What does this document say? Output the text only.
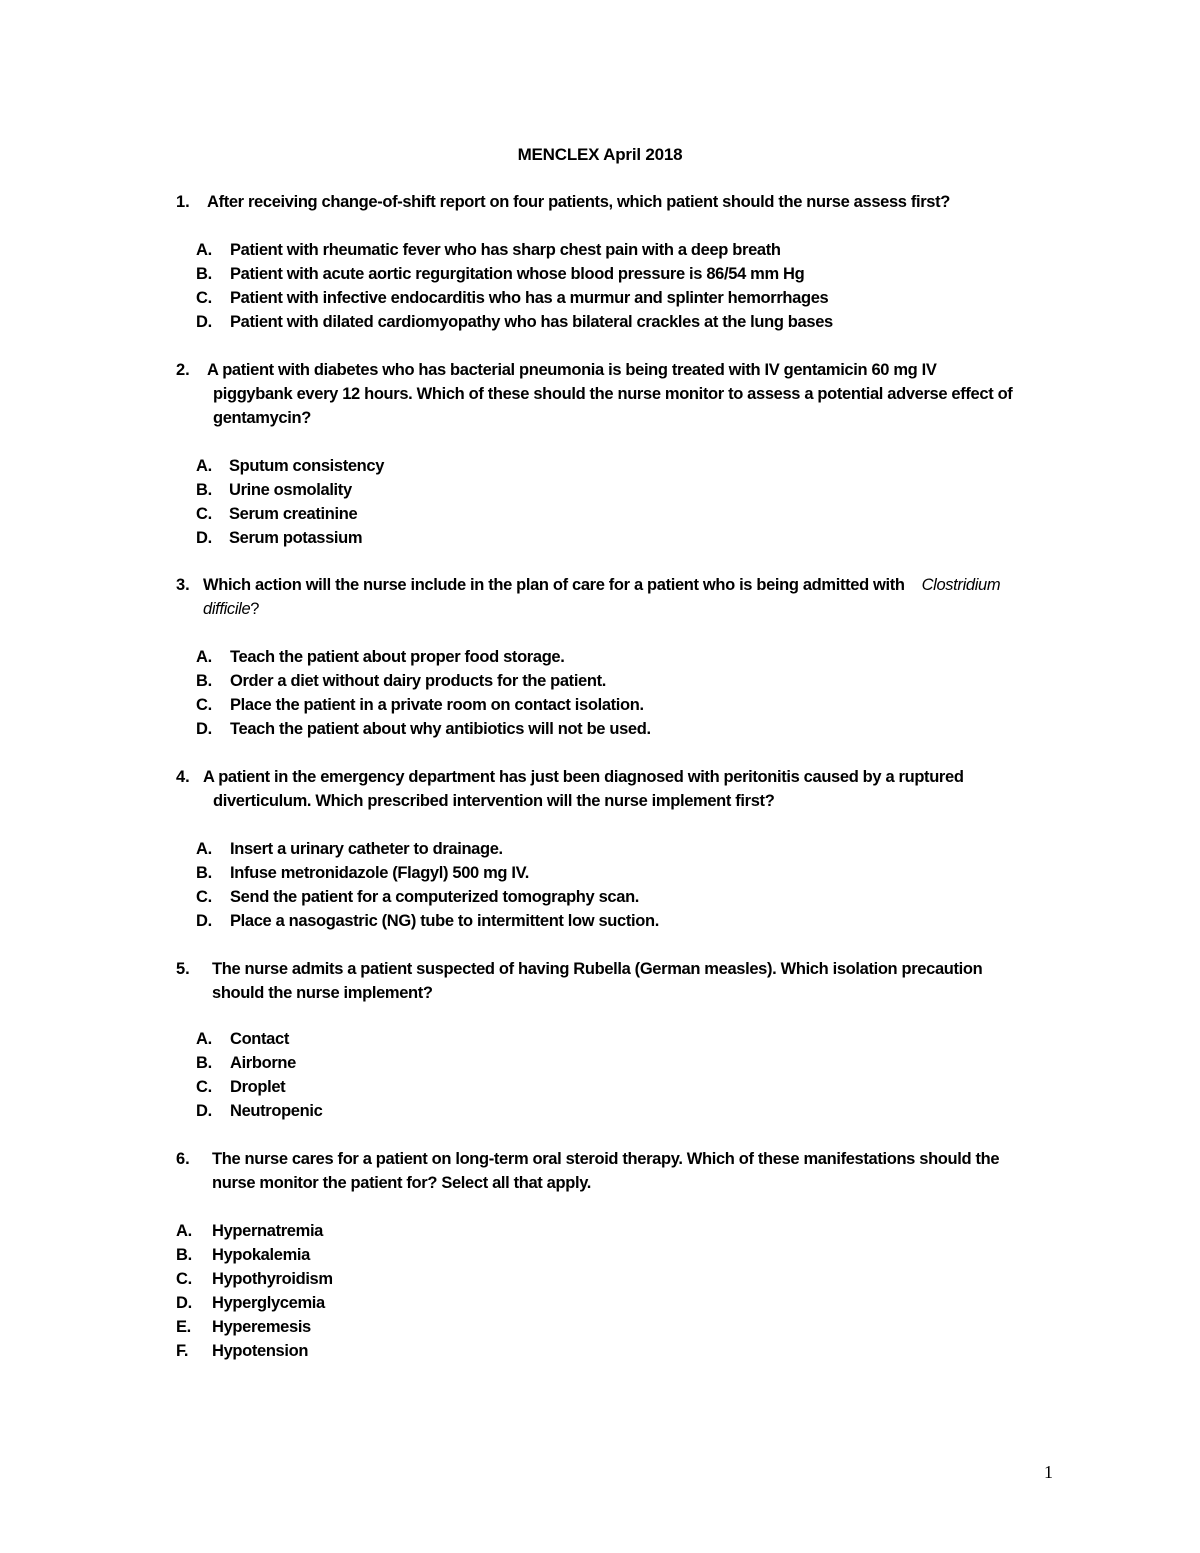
MENCLEX April 2018
1. After receiving change-of-shift report on four patients, which patient should the nurse assess first?
A. Patient with rheumatic fever who has sharp chest pain with a deep breath
B. Patient with acute aortic regurgitation whose blood pressure is 86/54 mm Hg
C. Patient with infective endocarditis who has a murmur and splinter hemorrhages
D. Patient with dilated cardiomyopathy who has bilateral crackles at the lung bases
2. A patient with diabetes who has bacterial pneumonia is being treated with IV gentamicin 60 mg IV
piggybank every 12 hours. Which of these should the nurse monitor to assess a potential adverse effect of
gentamycin?
A. Sputum consistency
B. Urine osmolality
C. Serum creatinine
D. Serum potassium
3. Which action will the nurse include in the plan of care for a patient who is being admitted with Clostridium
difficile?
A. Teach the patient about proper food storage.
B. Order a diet without dairy products for the patient.
C. Place the patient in a private room on contact isolation.
D. Teach the patient about why antibiotics will not be used.
4. A patient in the emergency department has just been diagnosed with peritonitis caused by a ruptured
diverticulum. Which prescribed intervention will the nurse implement first?
A. Insert a urinary catheter to drainage.
B. Infuse metronidazole (Flagyl) 500 mg IV.
C. Send the patient for a computerized tomography scan.
D. Place a nasogastric (NG) tube to intermittent low suction.
5. The nurse admits a patient suspected of having Rubella (German measles). Which isolation precaution
should the nurse implement?
A. Contact
B. Airborne
C. Droplet
D. Neutropenic
6. The nurse cares for a patient on long-term oral steroid therapy. Which of these manifestations should the
nurse monitor the patient for? Select all that apply.
A. Hypernatremia
B. Hypokalemia
C. Hypothyroidism
D. Hyperglycemia
E. Hyperemesis
F. Hypotension
1
